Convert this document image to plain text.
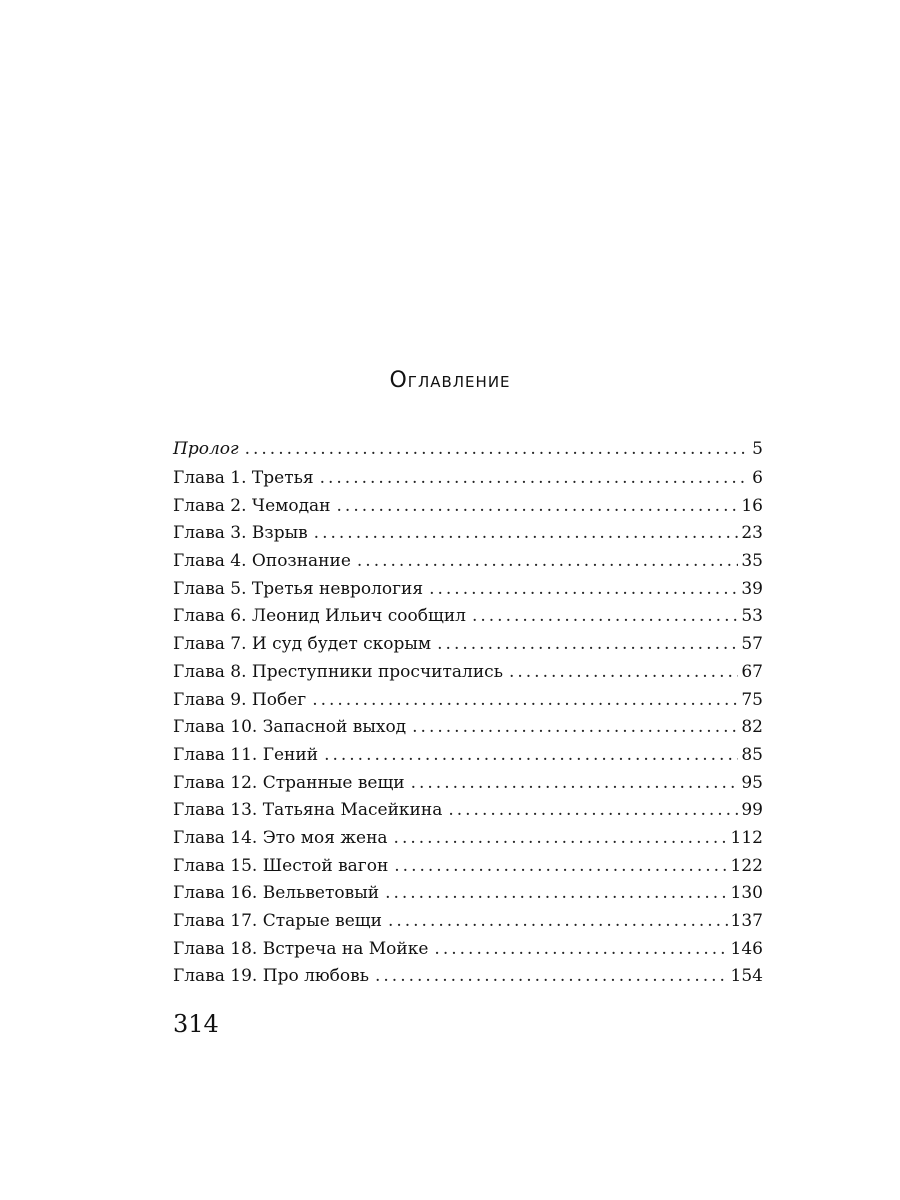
Оглавление
Пролог .....	5
Глава 1. Третья .....	6
Глава 2. Чемодан .....	16
Глава 3. Взрыв .....	23
Глава 4. Опознание .....	35
Глава 5. Третья неврология .....	39
Глава 6. Леонид Ильич сообщил .....	53
Глава 7. И суд будет скорым .....	57
Глава 8. Преступники просчитались .....	67
Глава 9. Побег .....	75
Глава 10. Запасной выход .....	82
Глава 11. Гений .....	85
Глава 12. Странные вещи .....	95
Глава 13. Татьяна Масейкина .....	99
Глава 14. Это моя жена .....	112
Глава 15. Шестой вагон .....	122
Глава 16. Вельветовый .....	130
Глава 17. Старые вещи .....	137
Глава 18. Встреча на Мойке .....	146
Глава 19. Про любовь .....	154
314
